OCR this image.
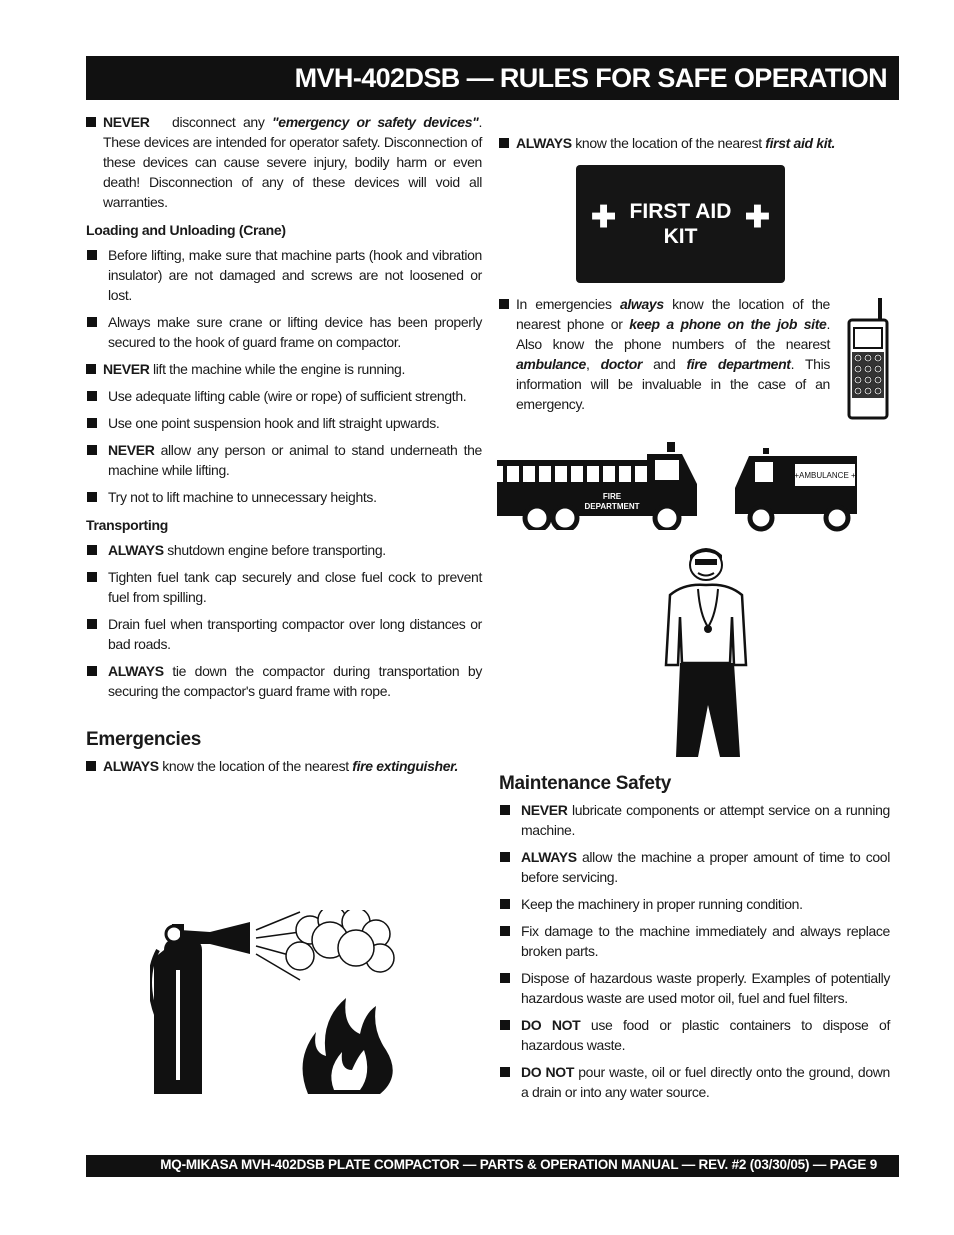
MVH-402DSB — RULES FOR SAFE OPERATION
NEVER disconnect any "emergency or safety devices". These devices are intended for operator safety. Disconnection of these devices can cause severe injury, bodily harm or even death! Disconnection of any of these devices will void all warranties.
Loading and Unloading (Crane)
Before lifting, make sure that machine parts (hook and vibration insulator) are not damaged and screws are not loosened or lost.
Always make sure crane or lifting device has been properly secured to the hook of guard frame on compactor.
NEVER lift the machine while the engine is running.
Use adequate lifting cable (wire or rope) of sufficient strength.
Use one point suspension hook and lift straight upwards.
NEVER allow any person or animal to stand underneath the machine while lifting.
Try not to lift machine to unnecessary heights.
Transporting
ALWAYS shutdown engine before transporting.
Tighten fuel tank cap securely and close fuel cock to prevent fuel from spilling.
Drain fuel when transporting compactor over long distances or bad roads.
ALWAYS tie down the compactor during transportation by securing the compactor's guard frame with rope.
Emergencies
ALWAYS know the location of the nearest fire extinguisher.
ALWAYS know the location of the nearest first aid kit.
✚	✚
FIRST AID
KIT
In emergencies always know the location of the nearest phone or keep a phone on the job site. Also know the phone numbers of the nearest ambulance, doctor and fire department. This information will be invaluable in the case of an emergency.
FIRE
DEPARTMENT
+AMBULANCE +
Maintenance Safety
NEVER lubricate components or attempt service on a running machine.
ALWAYS allow the machine a proper amount of time to cool before servicing.
Keep the machinery in proper running condition.
Fix damage to the machine immediately and always replace broken parts.
Dispose of hazardous waste properly. Examples of potentially hazardous waste are used motor oil, fuel and fuel filters.
DO NOT use food or plastic containers to dispose of hazardous waste.
DO NOT pour waste, oil or fuel directly onto the ground, down a drain or into any water source.
MQ-MIKASA MVH-402DSB PLATE COMPACTOR — PARTS & OPERATION MANUAL — REV. #2 (03/30/05) — PAGE 9
